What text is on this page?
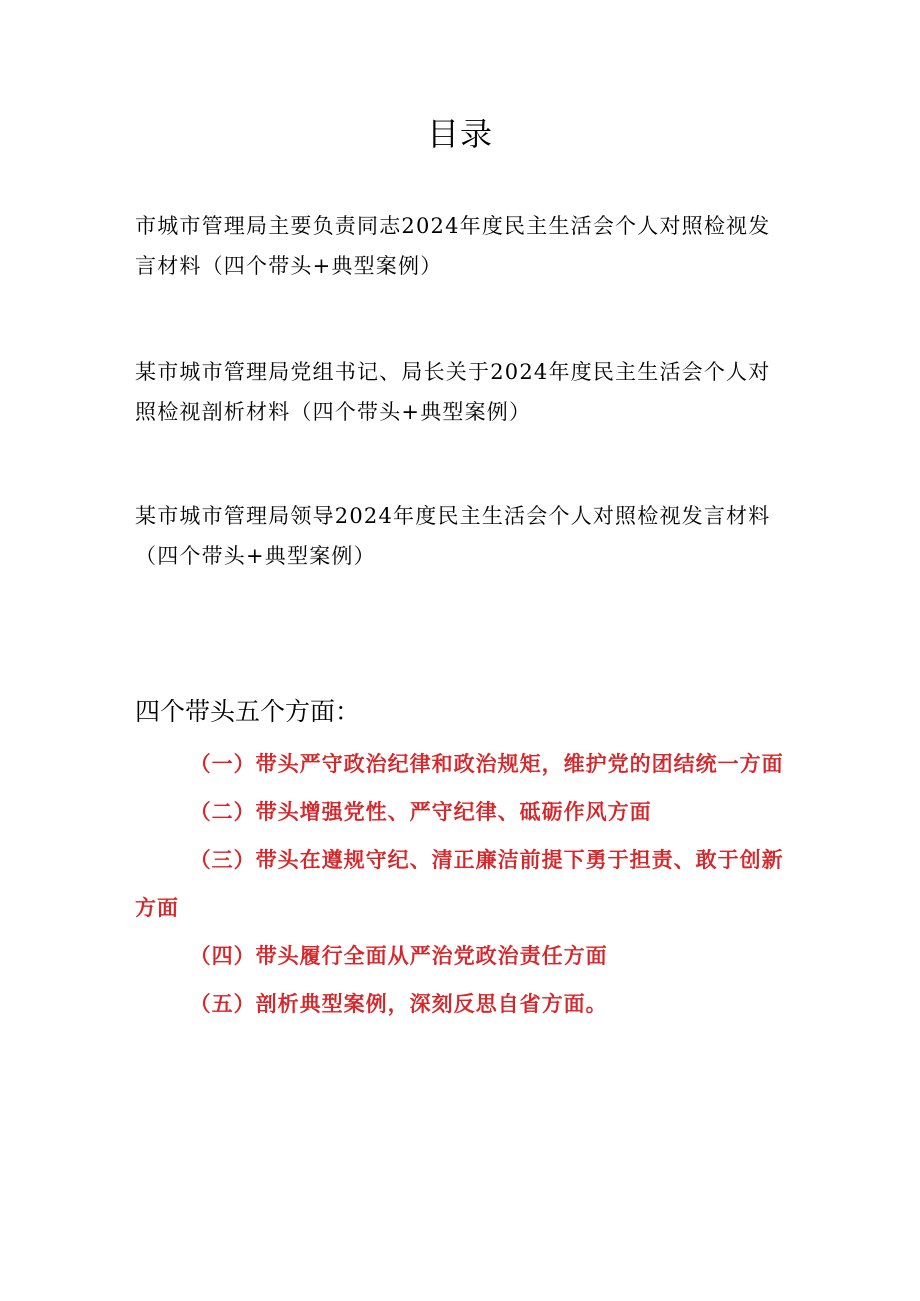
目录

市城市管理局主要负责同志2024年度民主生活会个人对照检视发言材料（四个带头+典型案例）

某市城市管理局党组书记、局长关于2024年度民主生活会个人对照检视剖析材料（四个带头+典型案例）

某市城市管理局领导2024年度民主生活会个人对照检视发言材料（四个带头+典型案例）

四个带头五个方面：
（一）带头严守政治纪律和政治规矩，维护党的团结统一方面
（二）带头增强党性、严守纪律、砥砺作风方面
（三）带头在遵规守纪、清正廉洁前提下勇于担责、敢于创新方面
（四）带头履行全面从严治党政治责任方面
（五）剖析典型案例，深刻反思自省方面。
